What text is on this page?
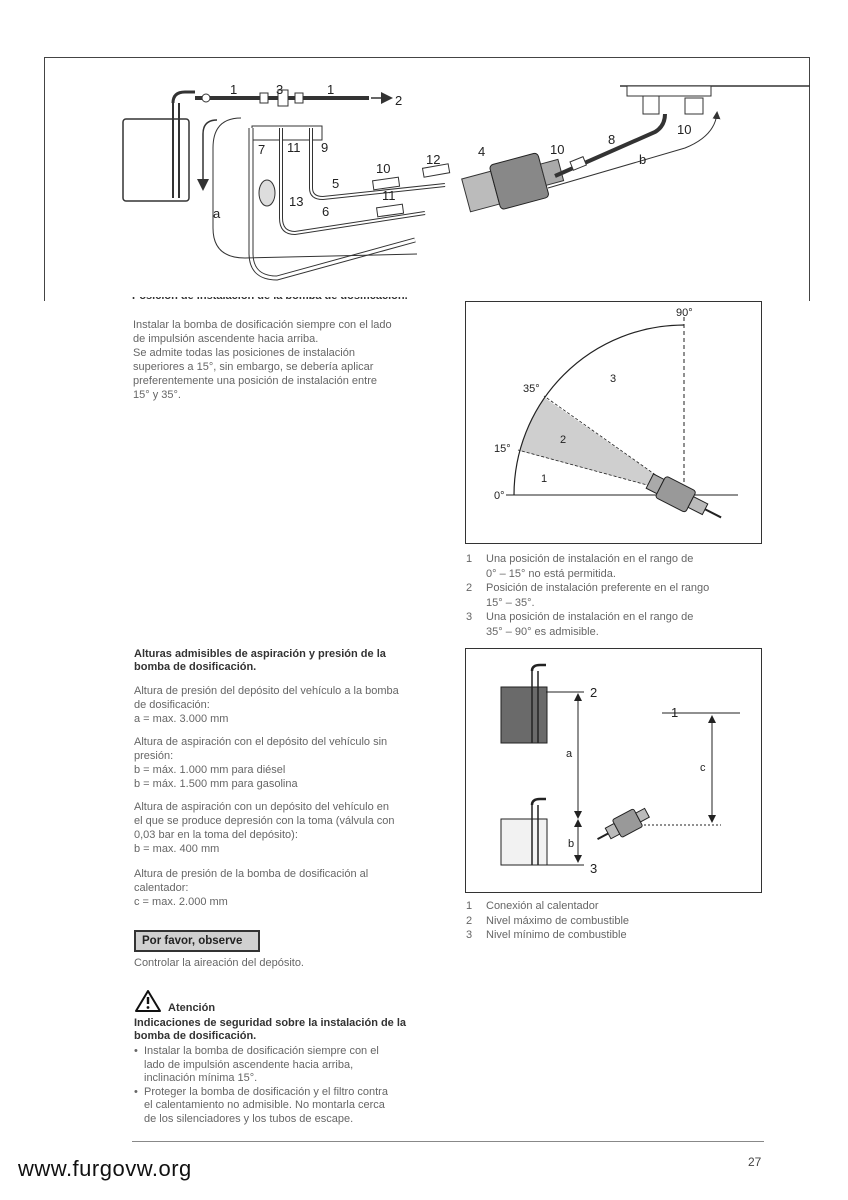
1	3	1
2
4
5
6
7
8
9
10
10
10
11
11
12
13
a
b

Instalar la bomba de dosificación siempre con el lado

de impulsión ascendente hacia arriba.

Se admite todas las posiciones de instalación

superiores a 15°, sin embargo, se debería aplicar

preferentemente una posición de instalación entre

15° y 35°.

0°
15°
35°
90°
1
2
3
1	Una posición de instalación en el rango de
0° – 15° no está permitida.
2	Posición de instalación preferente en el rango
15° – 35°.
3	Una posición de instalación en el rango de
35° – 90° es admisible.
Alturas admisibles de aspiración y presión de la
bomba de dosificación.

Altura de presión del depósito del vehículo a la bomba

de dosificación:

a = max. 3.000 mm

Altura de aspiración con el depósito del vehículo sin

presión:

b = máx. 1.000 mm para diésel

b = máx. 1.500 mm para gasolina

Altura de aspiración con un depósito del vehículo en

el que se produce depresión con la toma (válvula con

0,03 bar en la toma del depósito):

b = max. 400 mm

Altura de presión de la bomba de dosificación al

calentador:

c = max. 2.000 mm

1
2
3
a
b
c
1	Conexión al calentador
2	Nivel máximo de combustible
3	Nivel mínimo de combustible
Por favor, observe
Controlar la aireación del depósito.
Atención
Indicaciones de seguridad sobre la instalación de la
bomba de dosificación.
• Instalar la bomba de dosificación siempre con el
lado de impulsión ascendente hacia arriba,
inclinación mínima 15°.
• Proteger la bomba de dosificación y el filtro contra
el calentamiento no admisible. No montarla cerca
de los silenciadores y los tubos de escape.
www.furgovw.org	27
